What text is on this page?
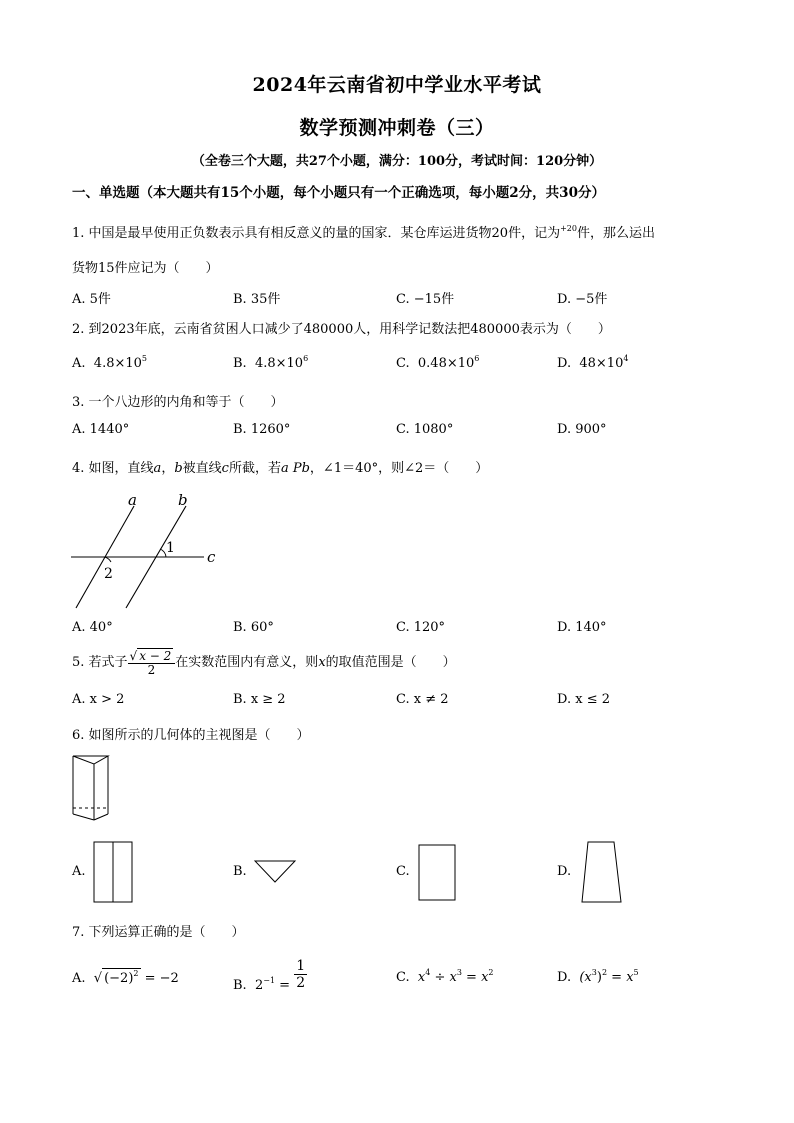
2024年云南省初中学业水平考试
数学预测冲刺卷（三）
（全卷三个大题，共27个小题，满分：100分，考试时间：120分钟）
一、单选题（本大题共有15个小题，每个小题只有一个正确选项，每小题2分，共30分）
1. 中国是最早使用正负数表示具有相反意义的量的国家．某仓库运进货物20件，记为$^{+20}$件，那么运出
货物15件应记为（　　）
A. 5件	B. 35件	C. −15件	D. −5件
2. 到2023年底，云南省贫困人口减少了480000人，用科学记数法把480000表示为（　　）
A. $4.8\times 10^5$	B. $4.8\times 10^6$	C. $0.48\times 10^6$	D. $48\times 10^4$
3. 一个八边形的内角和等于（　　）
A. 1440°	B. 1260°	C. 1080°	D. 900°
4. 如图，直线a，b被直线c所截，若a Pb，∠1＝40°，则∠2＝（　　）
a	b
c
1
2
A. 40°	B. 60°	C. 120°	D. 140°
5. 若式子$\frac{√ x - 2}{2}$在实数范围内有意义，则x的取值范围是（　　）
A. x > 2	B. x ≥ 2	C. x ≠ 2	D. x ≤ 2
6. 如图所示的几何体的主视图是（　　）
A.	B.	C.	D.
7. 下列运算正确的是（　　）
A.  √ $(-2)^2 = -2$	B. $2^{-1} = \frac{1}{2}$	C. $x^4 \div x^3 = x^2$	D. $(x^3)^2 = x^5$
